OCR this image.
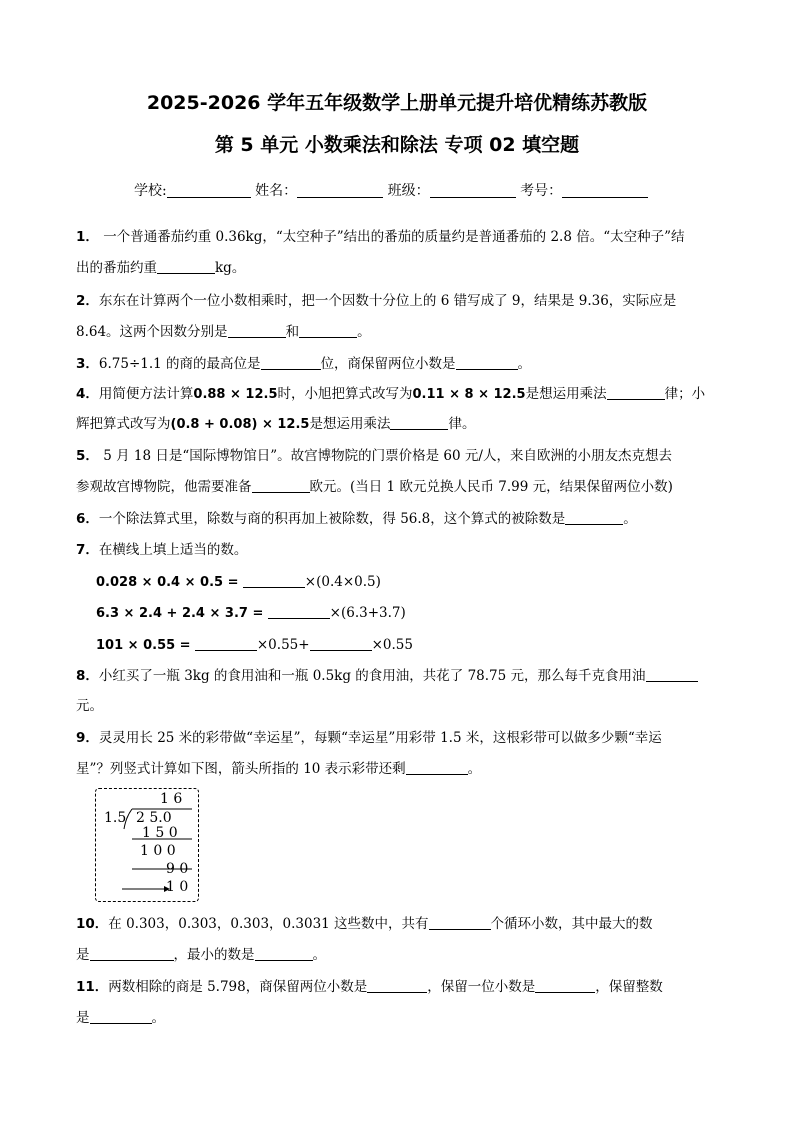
2025-2026 学年五年级数学上册单元提升培优精练苏教版
第 5 单元 小数乘法和除法 专项 02 填空题
学校:	姓名：	班级：	考号：
1． 一个普通番茄约重 0.36kg，“太空种子”结出的番茄的质量约是普通番茄的 2.8 倍。“太空种子”结
出的番茄约重	kg。
2．东东在计算两个一位小数相乘时，把一个因数十分位上的 6 错写成了 9，结果是 9.36，实际应是
8.64。这两个因数分别是	和	。
3．6.75÷1.1 的商的最高位是	位，商保留两位小数是	。
4．用简便方法计算0.88 × 12.5时，小旭把算式改写为0.11 × 8 × 12.5是想运用乘法	律；小
辉把算式改写为(0.8 + 0.08) × 12.5是想运用乘法	律。
5． 5 月 18 日是“国际博物馆日”。故宫博物院的门票价格是 60 元/人，来自欧洲的小朋友杰克想去
参观故宫博物院，他需要准备	欧元。(当日 1 欧元兑换人民币 7.99 元，结果保留两位小数)
6．一个除法算式里，除数与商的积再加上被除数，得 56.8，这个算式的被除数是	。
7．在横线上填上适当的数。
0.028 × 0.4 × 0.5 =	×(0.4×0.5)
6.3 × 2.4 + 2.4 × 3.7 =	×(6.3+3.7)
101 × 0.55 =	×0.55+	×0.55
8．小红买了一瓶 3kg 的食用油和一瓶 0.5kg 的食用油，共花了 78.75 元，那么每千克食用油
元。
9．灵灵用长 25 米的彩带做“幸运星”，每颗“幸运星”用彩带 1.5 米，这根彩带可以做多少颗“幸运
星”？列竖式计算如下图，箭头所指的 10 表示彩带还剩	。
1 6
1.5 2 5.0
1 5 0
1 0 0
9 0
1 0
10．在 0.303，0.303，0.303，0.3031 这些数中，共有	个循环小数，其中最大的数
是	，最小的数是	。
11．两数相除的商是 5.798，商保留两位小数是	，保留一位小数是	，保留整数
是	。
